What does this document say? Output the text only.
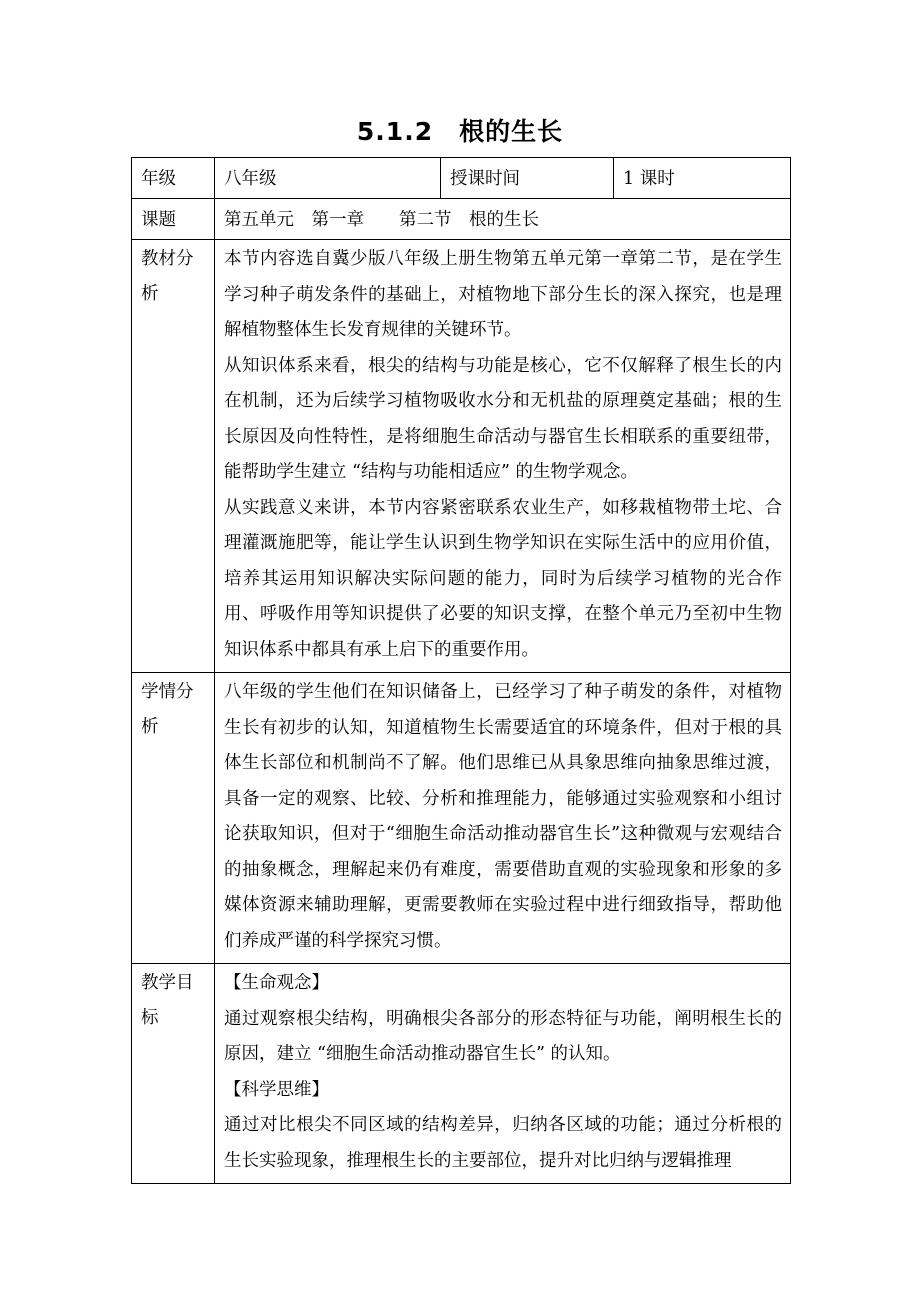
5.1.2　根的生长
年级	八年级	授课时间	1 课时
课题	第五单元　第一章　　第二节　根的生长		
教材分析	本节内容选自冀少版八年级上册生物第五单元第一章第二节，是在学生学习种子萌发条件的基础上，对植物地下部分生长的深入探究，也是理解植物整体生长发育规律的关键环节。

从知识体系来看，根尖的结构与功能是核心，它不仅解释了根生长的内在机制，还为后续学习植物吸收水分和无机盐的原理奠定基础；根的生长原因及向性特性，是将细胞生命活动与器官生长相联系的重要纽带，能帮助学生建立 “结构与功能相适应” 的生物学观念。

从实践意义来讲，本节内容紧密联系农业生产，如移栽植物带土坨、合理灌溉施肥等，能让学生认识到生物学知识在实际生活中的应用价值，培养其运用知识解决实际问题的能力，同时为后续学习植物的光合作用、呼吸作用等知识提供了必要的知识支撑，在整个单元乃至初中生物知识体系中都具有承上启下的重要作用。		

学情分析	八年级的学生他们在知识储备上，已经学习了种子萌发的条件，对植物生长有初步的认知，知道植物生长需要适宜的环境条件，但对于根的具体生长部位和机制尚不了解。他们思维已从具象思维向抽象思维过渡，具备一定的观察、比较、分析和推理能力，能够通过实验观察和小组讨论获取知识，但对于“细胞生命活动推动器官生长”这种微观与宏观结合的抽象概念，理解起来仍有难度，需要借助直观的实验现象和形象的多媒体资源来辅助理解，更需要教师在实验过程中进行细致指导，帮助他们养成严谨的科学探究习惯。		

教学目标	【生命观念】

通过观察根尖结构，明确根尖各部分的形态特征与功能，阐明根生长的原因，建立 “细胞生命活动推动器官生长” 的认知。

【科学思维】

通过对比根尖不同区域的结构差异，归纳各区域的功能；通过分析根的生长实验现象，推理根生长的主要部位，提升对比归纳与逻辑推理		
